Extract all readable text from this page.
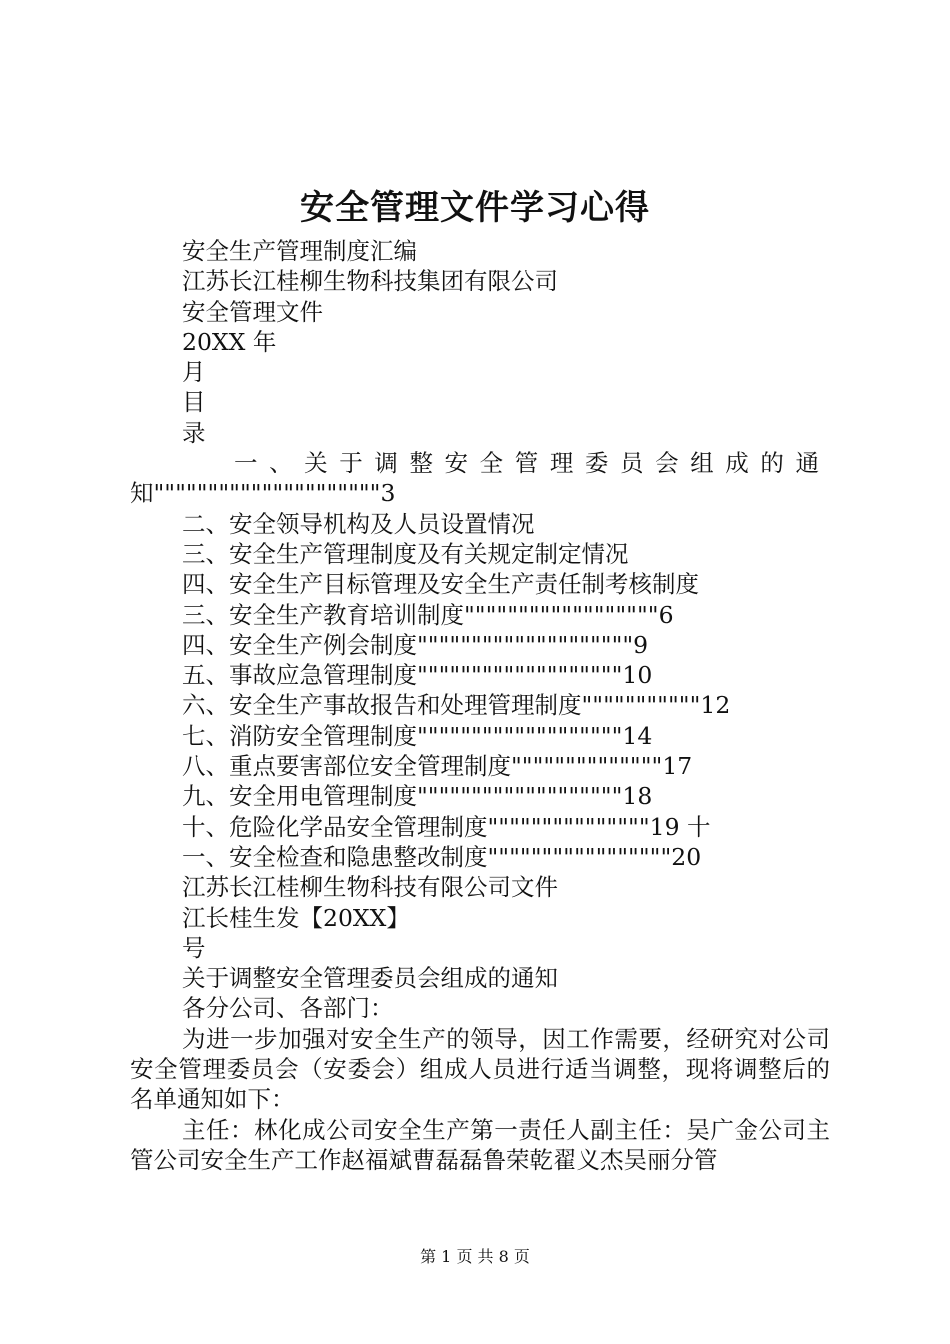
安全管理文件学习心得

安全生产管理制度汇编

江苏长江桂柳生物科技集团有限公司

安全管理文件

20XX 年

月

目

录

一、关于调整安全管理委员会组成的通

知"""""""""""""""""""""3

二、安全领导机构及人员设置情况

三、安全生产管理制度及有关规定制定情况

四、安全生产目标管理及安全生产责任制考核制度

三、安全生产教育培训制度""""""""""""""""""6

四、安全生产例会制度""""""""""""""""""""9

五、事故应急管理制度"""""""""""""""""""10

六、安全生产事故报告和处理管理制度"""""""""""12

七、消防安全管理制度"""""""""""""""""""14

八、重点要害部位安全管理制度""""""""""""""17

九、安全用电管理制度"""""""""""""""""""18

十、危险化学品安全管理制度"""""""""""""""19 十

一、安全检查和隐患整改制度"""""""""""""""""20

江苏长江桂柳生物科技有限公司文件

江长桂生发【20XX】

号

关于调整安全管理委员会组成的通知

各分公司、各部门：

为进一步加强对安全生产的领导，因工作需要，经研究对公司安全管理委员会（安委会）组成人员进行适当调整，现将调整后的名单通知如下：

主任：林化成公司安全生产第一责任人副主任：吴广金公司主管公司安全生产工作赵福斌曹磊磊鲁荣乾翟义杰吴丽分管

第 1 页 共 8 页
